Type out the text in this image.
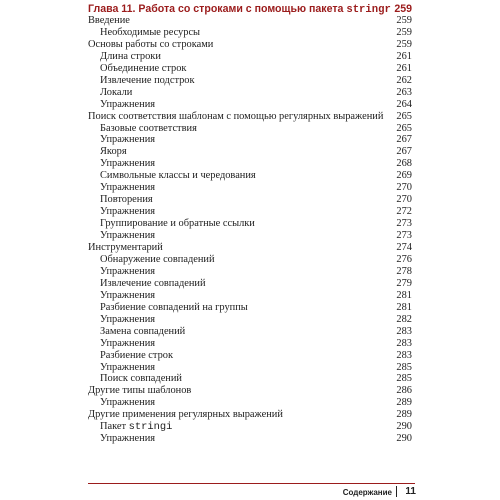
Глава 11. Работа со строками с помощью пакета stringr 259
Введение	259
Необходимые ресурсы	259
Основы работы со строками	259
Длина строки	261
Объединение строк	261
Извлечение подстрок	262
Локали	263
Упражнения	264
Поиск соответствия шаблонам с помощью регулярных выражений 265
Базовые соответствия	265
Упражнения	267
Якоря	267
Упражнения	268
Символьные классы и чередования	269
Упражнения	270
Повторения	270
Упражнения	272
Группирование и обратные ссылки	273
Упражнения	273
Инструментарий	274
Обнаружение совпадений	276
Упражнения	278
Извлечение совпадений	279
Упражнения	281
Разбиение совпадений на группы	281
Упражнения	282
Замена совпадений	283
Упражнения	283
Разбиение строк	283
Упражнения	285
Поиск совпадений	285
Другие типы шаблонов	286
Упражнения	289
Другие применения регулярных выражений	289
Пакет stringi	290
Упражнения	290
Содержание	11
